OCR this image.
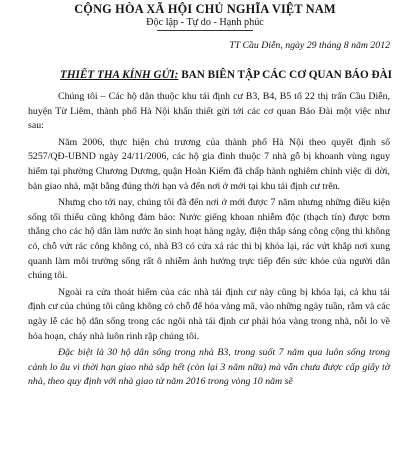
CỘNG HÒA XÃ HỘI CHỦ NGHĨA VIỆT NAM
Độc lập - Tự do - Hạnh phúc
TT Cầu Diễn, ngày 29 tháng 8 năm 2012
THIẾT THA KÍNH GỬI: BAN BIÊN TẬP CÁC CƠ QUAN BÁO ĐÀI

Chúng tôi – Các hộ dân thuộc khu tái định cư B3, B4, B5 tổ 22 thị trấn Cầu Diễn, huyện Từ Liêm, thành phố Hà Nội khẩn thiết gửi tới các cơ quan Báo Đài một việc như sau:

Năm 2006, thực hiện chủ trương của thành phố Hà Nội theo quyết định số 5257/QĐ-UBND ngày 24/11/2006, các hộ gia đình thuộc 7 nhà gỗ bị khoanh vùng nguy hiểm tại phường Chương Dương, quận Hoàn Kiếm đã chấp hành nghiêm chỉnh việc di dời, bàn giao nhà, mặt bằng đúng thời hạn và đến nơi ở mới tại khu tái định cư trên.

Nhưng cho tới nay, chúng tôi đã đến nơi ở mới được 7 năm nhưng những điều kiện sống tối thiểu cũng không đảm bảo: Nước giếng khoan nhiễm độc (thạch tín) được bơm thẳng cho các hộ dân làm nước ăn sinh hoạt hàng ngày, điện thắp sáng công cộng thì không có, chỗ vứt rác công không có, nhà B3 có cửa xả rác thì bị khóa lại, rác vứt khắp nơi xung quanh làm môi trường sống rất ô nhiễm ảnh hưởng trực tiếp đến sức khỏe của người dân chúng tôi.

Ngoài ra cửa thoát hiểm của các nhà tái định cư này cũng bị khóa lại, cả khu tái định cư của chúng tôi cũng không có chỗ để hóa vàng mã, vào những ngày tuần, rằm và các ngày lễ các hộ dân sống trong các ngôi nhà tái định cư phải hóa vàng trong nhà, nỗi lo về hỏa hoạn, cháy nhà luôn rình rập chúng tôi.

Đặc biệt là 30 hộ dân sống trong nhà B3, trong suốt 7 năm qua luôn sống trong cảnh lo âu vì thời hạn giao nhà sắp hết (còn lại 3 năm nữa) mà vẫn chưa được cấp giấy tờ nhà, theo quy định với nhà giao từ năm 2016 trong vòng 10 năm sẽ
